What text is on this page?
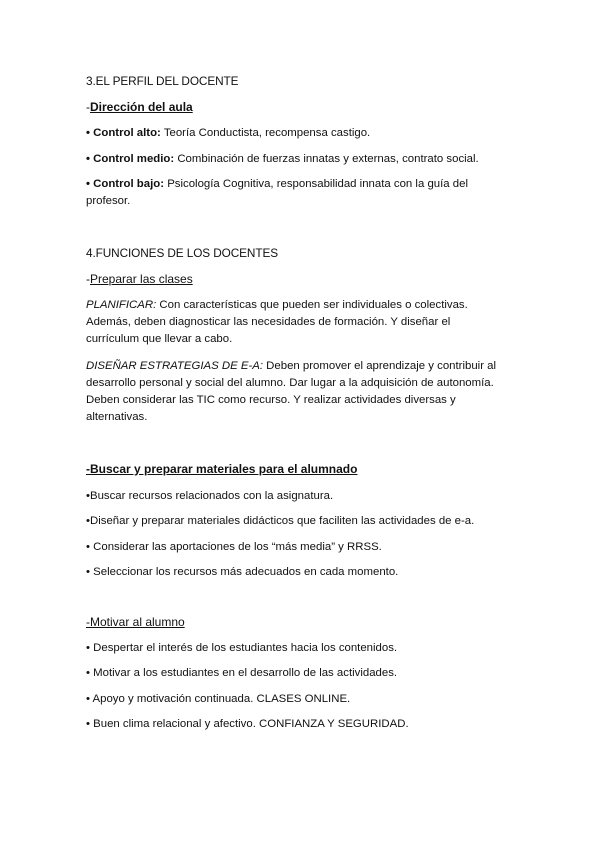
3.EL PERFIL DEL DOCENTE
-Dirección del aula

• Control alto: Teoría Conductista, recompensa castigo.

• Control medio: Combinación de fuerzas innatas y externas, contrato social.

• Control bajo: Psicología Cognitiva, responsabilidad innata con la guía del profesor.

4.FUNCIONES DE LOS DOCENTES
-Preparar las clases

PLANIFICAR: Con características que pueden ser individuales o colectivas. Además, deben diagnosticar las necesidades de formación. Y diseñar el currículum que llevar a cabo.

DISEÑAR ESTRATEGIAS DE E-A: Deben promover el aprendizaje y contribuir al desarrollo personal y social del alumno. Dar lugar a la adquisición de autonomía. Deben considerar las TIC como recurso. Y realizar actividades diversas y alternativas.

-Buscar y preparar materiales para el alumnado

•Buscar recursos relacionados con la asignatura.

•Diseñar y preparar materiales didácticos que faciliten las actividades de e-a.

• Considerar las aportaciones de los “más media” y RRSS.

• Seleccionar los recursos más adecuados en cada momento.

-Motivar al alumno

• Despertar el interés de los estudiantes hacia los contenidos.

• Motivar a los estudiantes en el desarrollo de las actividades.

• Apoyo y motivación continuada. CLASES ONLINE.

• Buen clima relacional y afectivo. CONFIANZA Y SEGURIDAD.
